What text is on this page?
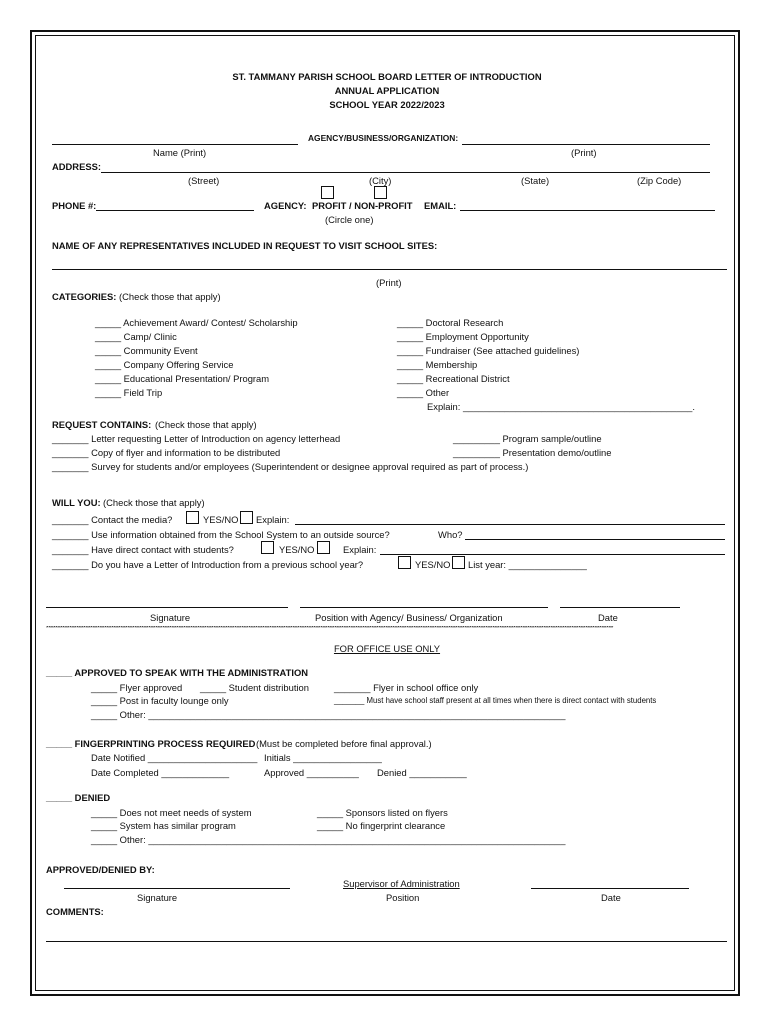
ST. TAMMANY PARISH SCHOOL BOARD LETTER OF INTRODUCTION
ANNUAL APPLICATION
SCHOOL YEAR 2022/2023
AGENCY/BUSINESS/ORGANIZATION:
Name (Print)	(Print)
ADDRESS:
(Street)	(City)	(State)	(Zip Code)
PHONE #:	AGENCY: PROFIT / NON-PROFIT EMAIL:
(Circle one)
NAME OF ANY REPRESENTATIVES INCLUDED IN REQUEST TO VISIT SCHOOL SITES:
(Print)
CATEGORIES: (Check those that apply)
_____ Achievement Award/ Contest/ Scholarship
_____ Camp/ Clinic
_____ Community Event
_____ Company Offering Service
_____ Educational Presentation/ Program
_____ Field Trip
_____ Doctoral Research
_____ Employment Opportunity
_____ Fundraiser (See attached guidelines)
_____ Membership
_____ Recreational District
_____ Other
Explain: ____________________________________________.
REQUEST CONTAINS: (Check those that apply)
_______ Letter requesting Letter of Introduction on agency letterhead
_______ Copy of flyer and information to be distributed
_______ Survey for students and/or employees (Superintendent or designee approval required as part of process.)
_________ Program sample/outline
_________ Presentation demo/outline
WILL YOU: (Check those that apply)
_______ Contact the media?	YES/NO Explain:
_______ Use information obtained from the School System to an outside source?	Who?
_______ Have direct contact with students?	YES/NO	Explain:
_______ Do you have a Letter of Introduction from a previous school year?	YES/NO List year: _______________
Signature	Position with Agency/ Business/ Organization	Date
****************************************************************************************************************************************************************************************************************************************************
FOR OFFICE USE ONLY
_____ APPROVED TO SPEAK WITH THE ADMINISTRATION
_____ Flyer approved _____ Student distribution	_______ Flyer in school office only
_____ Post in faculty lounge only	_______ Must have school staff present at all times when there is direct contact with students
_____ Other: ________________________________________________________________________________
_____ FINGERPRINTING PROCESS REQUIRED (Must be completed before final approval.)
Date Notified _____________________ Initials _________________
Date Completed _____________	Approved __________ Denied ___________
_____ DENIED
_____ Does not meet needs of system	_____ Sponsors listed on flyers
_____ System has similar program	_____ No fingerprint clearance
_____ Other: ________________________________________________________________________________
APPROVED/DENIED BY:
Supervisor of Administration
Signature	Position	Date
COMMENTS:
